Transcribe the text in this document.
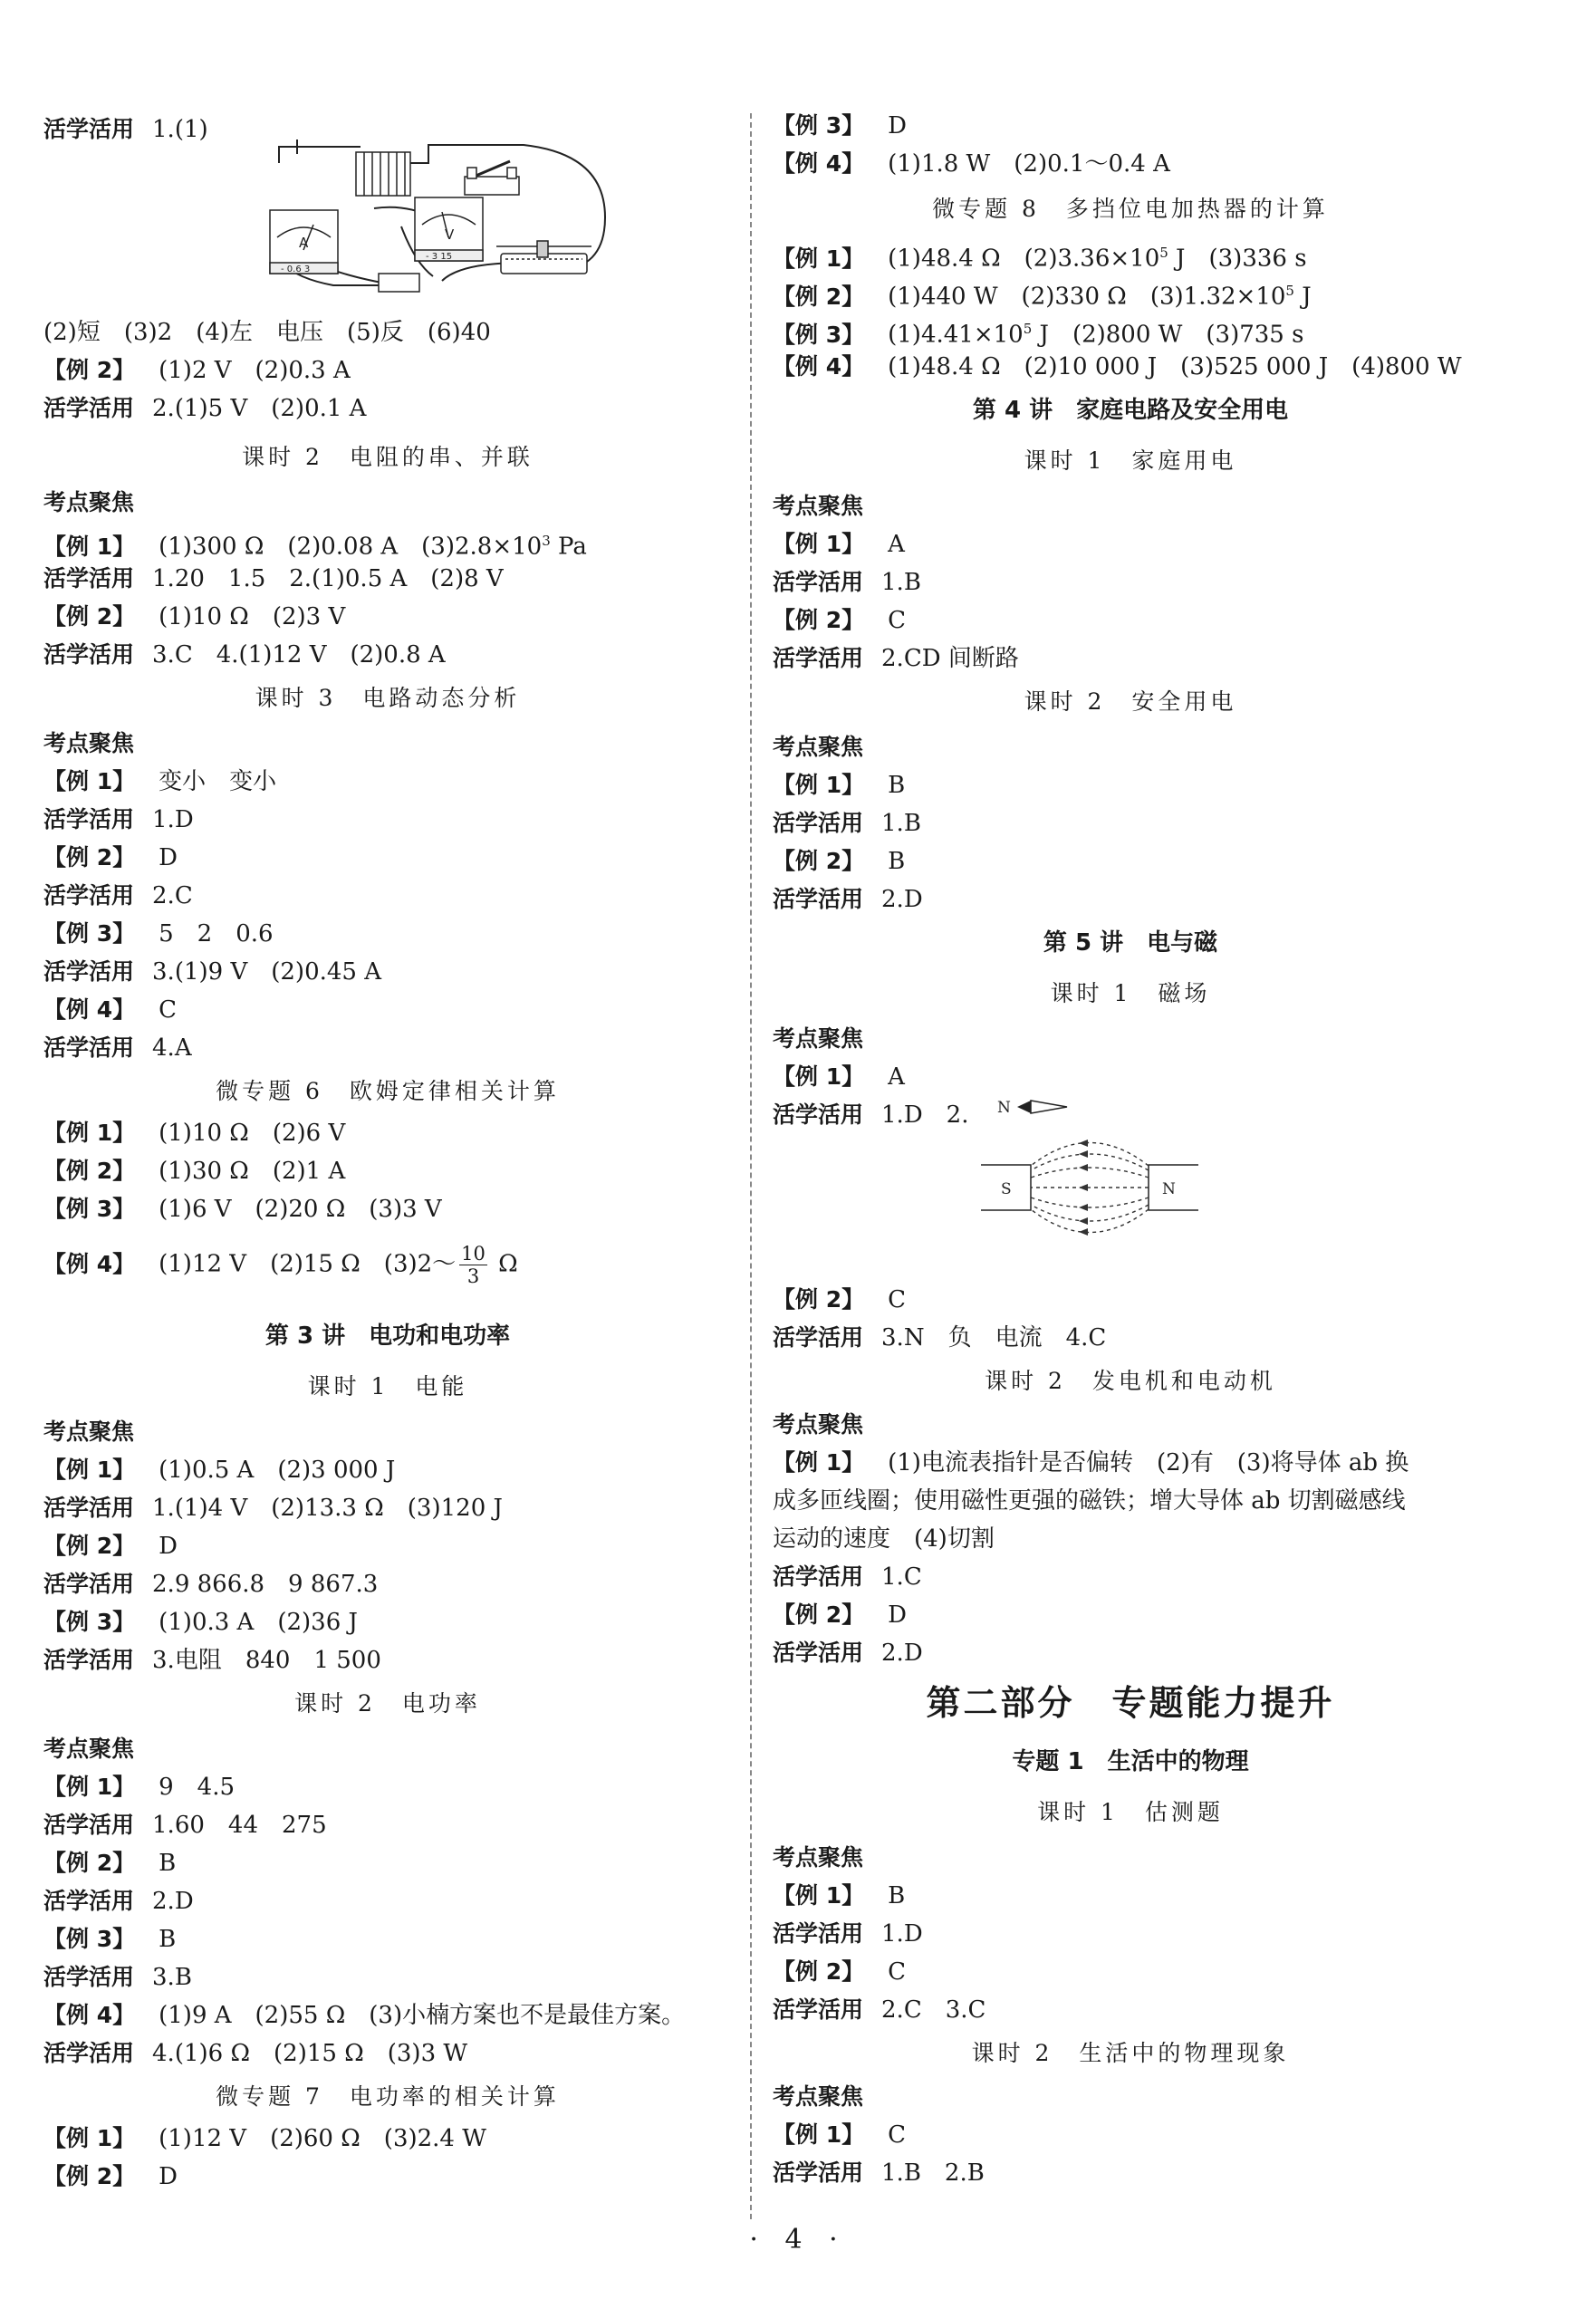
活学活用 1.(1)
A
- 0.6 3
V
- 3 15
(2)短　(3)2　(4)左　电压　(5)反　(6)40
【例 2】 (1)2 V　(2)0.3 A
活学活用 2.(1)5 V　(2)0.1 A
课时 2　电阻的串、并联
考点聚焦
【例 1】 (1)300 Ω　(2)0.08 A　$(3)2.8\times 10^3$ Pa
活学活用 1.20　1.5　2.(1)0.5 A　(2)8 V
【例 2】 (1)10 Ω　(2)3 V
活学活用 3.C　4.(1)12 V　(2)0.8 A
课时 3　电路动态分析
考点聚焦
【例 1】 变小　变小
活学活用 1.D
【例 2】 D
活学活用 2.C
【例 3】 5　2　0.6
活学活用 3.(1)9 V　(2)0.45 A
【例 4】 C
活学活用 4.A
微专题 6　欧姆定律相关计算
【例 1】 (1)10 Ω　(2)6 V
【例 2】 (1)30 Ω　(2)1 A
【例 3】 (1)6 V　(2)20 Ω　(3)3 V
【例 4】 (1)12 V　(2)15 Ω　(3)2～ $\frac{10}{3}$ Ω
第 3 讲　电功和电功率
课时 1　电能
考点聚焦
【例 1】 (1)0.5 A　(2)3 000 J
活学活用 1.(1)4 V　(2)13.3 Ω　(3)120 J
【例 2】 D
活学活用 2.9 866.8　9 867.3
【例 3】 (1)0.3 A　(2)36 J
活学活用 3.电阻　840　1 500
课时 2　电功率
考点聚焦
【例 1】 9　4.5
活学活用 1.60　44　275
【例 2】 B
活学活用 2.D
【例 3】 B
活学活用 3.B
【例 4】 (1)9 A　(2)55 Ω　(3)小楠方案也不是最佳方案。
活学活用 4.(1)6 Ω　(2)15 Ω　(3)3 W
微专题 7　电功率的相关计算
【例 1】 (1)12 V　(2)60 Ω　(3)2.4 W
【例 2】 D
【例 3】 D
【例 4】 (1)1.8 W　(2)0.1～0.4 A
微专题 8　多挡位电加热器的计算
【例 1】 (1)48.4 Ω　$(2)3.36\times 10^5$ J　(3)336 s
【例 2】 (1)440 W　(2)330 Ω　$(3)1.32\times 10^5$ J
【例 3】 $(1)4.41\times 10^5$ J　(2)800 W　(3)735 s
【例 4】 (1)48.4 Ω　(2)10 000 J　(3)525 000 J　(4)800 W
第 4 讲　家庭电路及安全用电
课时 1　家庭用电
考点聚焦
【例 1】 A
活学活用 1.B
【例 2】 C
活学活用 2.CD 间断路
课时 2　安全用电
考点聚焦
【例 1】 B
活学活用 1.B
【例 2】 B
活学活用 2.D
第 5 讲　电与磁
课时 1　磁场
考点聚焦
【例 1】 A
活学活用 1.D　2. N
S	N
【例 2】 C
活学活用 3.N　负　电流　4.C
课时 2　发电机和电动机
考点聚焦
【例 1】 (1)电流表指针是否偏转　(2)有　(3)将导体 ab 换
成多匝线圈；使用磁性更强的磁铁；增大导体 ab 切割磁感线
运动的速度　(4)切割
活学活用 1.C
【例 2】 D
活学活用 2.D
第二部分　专题能力提升
专题 1　生活中的物理
课时 1　估测题
考点聚焦
【例 1】 B
活学活用 1.D
【例 2】 C
活学活用 2.C　3.C
课时 2　生活中的物理现象
考点聚焦
【例 1】 C
活学活用 1.B　2.B
· 4 ·
